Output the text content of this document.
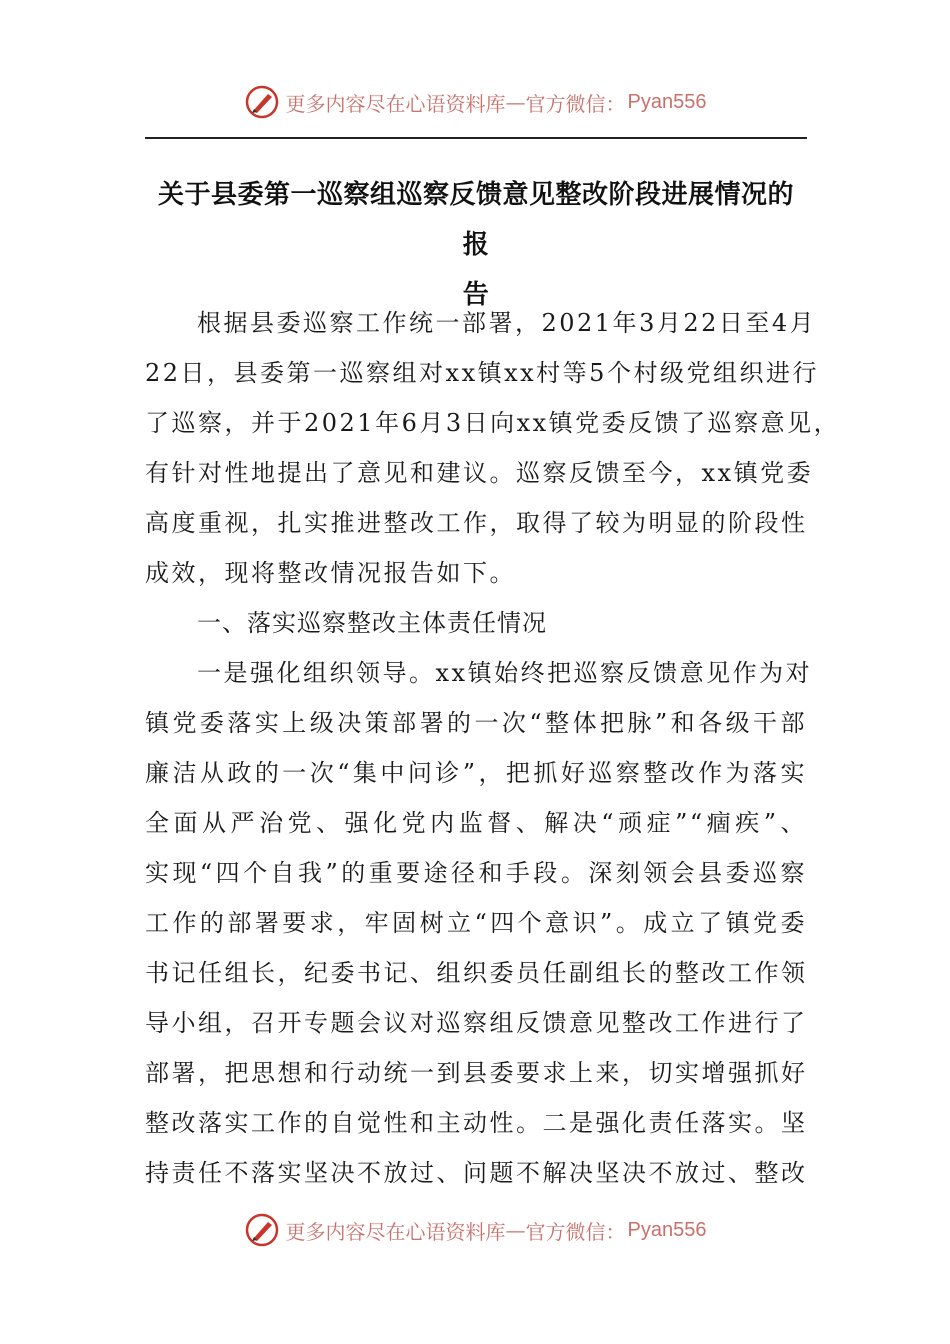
更多内容尽在心语资料库 — 官方微信： Pyan556
关于县委第一巡察组巡察反馈意见整改阶段进展情况的报
告
根据县委巡察工作统一部署，2021年3月22日至4月
22日，县委第一巡察组对xx镇xx村等5个村级党组织进行
了巡察，并于2021年6月3日向xx镇党委反馈了巡察意见，
有针对性地提出了意见和建议。巡察反馈至今，xx镇党委
高度重视，扎实推进整改工作，取得了较为明显的阶段性
成效，现将整改情况报告如下。
一、落实巡察整改主体责任情况
一是强化组织领导。xx镇始终把巡察反馈意见作为对
镇党委落实上级决策部署的一次“整体把脉”和各级干部
廉洁从政的一次“集中问诊”，把抓好巡察整改作为落实
全面从严治党、强化党内监督、解决“顽症”“痼疾”、
实现“四个自我”的重要途径和手段。深刻领会县委巡察
工作的部署要求，牢固树立“四个意识”。成立了镇党委
书记任组长，纪委书记、组织委员任副组长的整改工作领
导小组，召开专题会议对巡察组反馈意见整改工作进行了
部署，把思想和行动统一到县委要求上来，切实增强抓好
整改落实工作的自觉性和主动性。二是强化责任落实。坚
持责任不落实坚决不放过、问题不解决坚决不放过、整改
更多内容尽在心语资料库 — 官方微信： Pyan556
